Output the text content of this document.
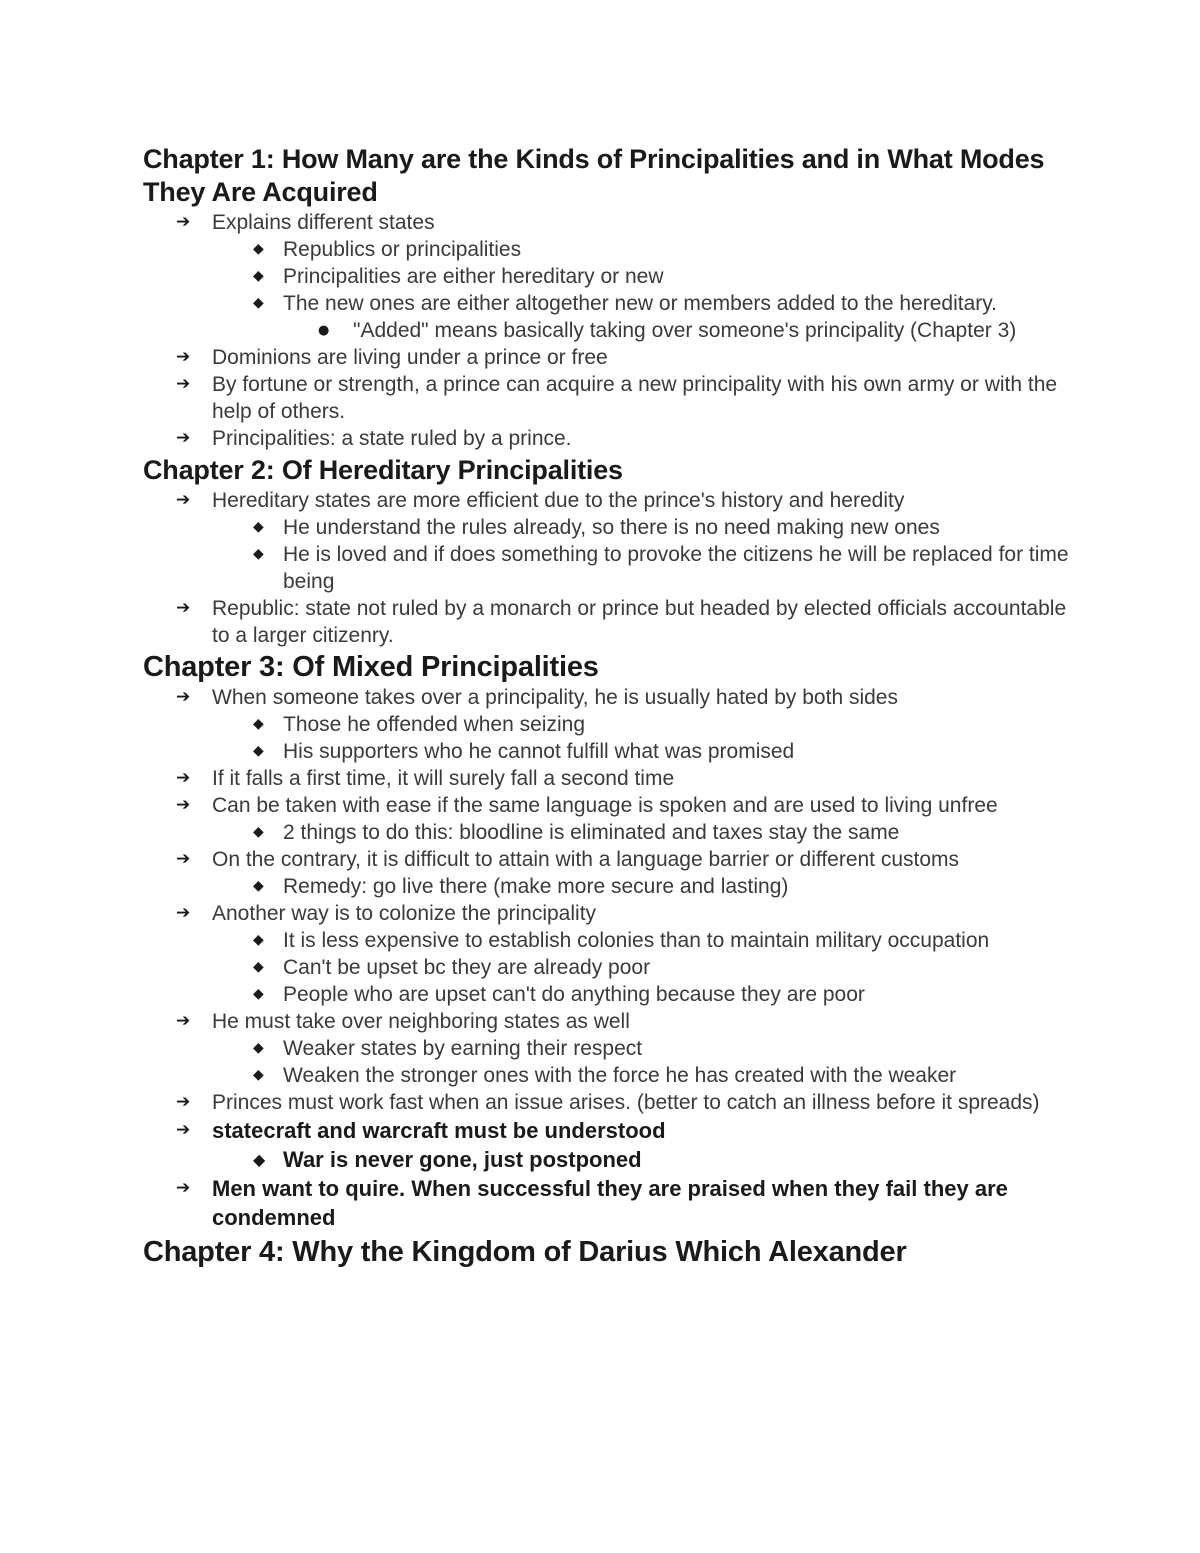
Chapter 1: How Many are the Kinds of Principalities and in What Modes They Are Acquired
➔ Explains different states
◆ Republics or principalities
◆ Principalities are either hereditary or new
◆ The new ones are either altogether new or members added to the hereditary.
● "Added" means basically taking over someone's principality (Chapter 3)
➔ Dominions are living under a prince or free
➔ By fortune or strength, a prince can acquire a new principality with his own army or with the help of others.
➔ Principalities: a state ruled by a prince.
Chapter 2: Of Hereditary Principalities
➔ Hereditary states are more efficient due to the prince's history and heredity
◆ He understand the rules already, so there is no need making new ones
◆ He is loved and if does something to provoke the citizens he will be replaced for time being
➔ Republic: state not ruled by a monarch or prince but headed by elected officials accountable to a larger citizenry.
Chapter 3: Of Mixed Principalities
➔ When someone takes over a principality, he is usually hated by both sides
◆ Those he offended when seizing
◆ His supporters who he cannot fulfill what was promised
➔ If it falls a first time, it will surely fall a second time
➔ Can be taken with ease if the same language is spoken and are used to living unfree
◆ 2 things to do this: bloodline is eliminated and taxes stay the same
➔ On the contrary, it is difficult to attain with a language barrier or different customs
◆ Remedy: go live there (make more secure and lasting)
➔ Another way is to colonize the principality
◆ It is less expensive to establish colonies than to maintain military occupation
◆ Can't be upset bc they are already poor
◆ People who are upset can't do anything because they are poor
➔ He must take over neighboring states as well
◆ Weaker states by earning their respect
◆ Weaken the stronger ones with the force he has created with the weaker
➔ Princes must work fast when an issue arises. (better to catch an illness before it spreads)
➔ statecraft and warcraft must be understood
◆ War is never gone, just postponed
➔ Men want to quire. When successful they are praised when they fail they are condemned
Chapter 4: Why the Kingdom of Darius Which Alexander
